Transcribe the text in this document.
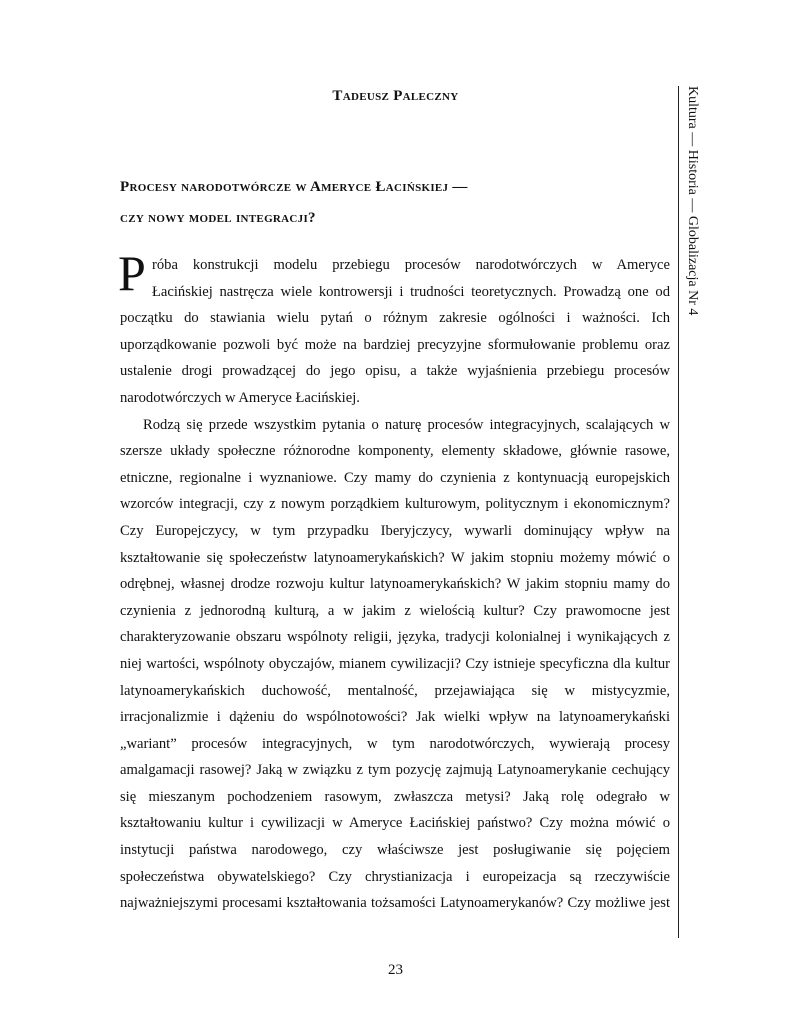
Tadeusz Paleczny
Procesy narodotwórcze w Ameryce Łacińskiej —
czy nowy model integracji?	Kultura — Historia — Globalizacja Nr 4
P róba konstrukcji modelu przebiegu procesów narodotwórczych w Ameryce
Łacińskiej nastręcza wiele kontrowersji i trudności teoretycznych. Prowadzą one od
początku do stawiania wielu pytań o różnym zakresie ogólności i ważności. Ich
uporządkowanie pozwoli być może na bardziej precyzyjne sformułowanie problemu oraz
ustalenie drogi prowadzącej do jego opisu, a także wyjaśnienia przebiegu procesów
narodotwórczych w Ameryce Łacińskiej.
Rodzą się przede wszystkim pytania o naturę procesów integracyjnych, scalających w
szersze układy społeczne różnorodne komponenty, elementy składowe, głównie rasowe,
etniczne, regionalne i wyznaniowe. Czy mamy do czynienia z kontynuacją europejskich
wzorców integracji, czy z nowym porządkiem kulturowym, politycznym i ekonomicznym?
Czy Europejczycy, w tym przypadku Iberyjczycy, wywarli dominujący wpływ na
kształtowanie się społeczeństw latynoamerykańskich? W jakim stopniu możemy mówić o
odrębnej, własnej drodze rozwoju kultur latynoamerykańskich? W jakim stopniu mamy do
czynienia z jednorodną kulturą, a w jakim z wielością kultur? Czy prawomocne jest
charakteryzowanie obszaru wspólnoty religii, języka, tradycji kolonialnej i wynikających z
niej wartości, wspólnoty obyczajów, mianem cywilizacji? Czy istnieje specyficzna dla kultur
latynoamerykańskich duchowość, mentalność, przejawiająca się w mistycyzmie,
irracjonalizmie i dążeniu do wspólnotowości? Jak wielki wpływ na latynoamerykański
„wariant” procesów integracyjnych, w tym narodotwórczych, wywierają procesy
amalgamacji rasowej? Jaką w związku z tym pozycję zajmują Latynoamerykanie cechujący
się mieszanym pochodzeniem rasowym, zwłaszcza metysi? Jaką rolę odegrało w
kształtowaniu kultur i cywilizacji w Ameryce Łacińskiej państwo? Czy można mówić o
instytucji państwa narodowego, czy właściwsze jest posługiwanie się pojęciem
społeczeństwa obywatelskiego? Czy chrystianizacja i europeizacja są rzeczywiście
najważniejszymi procesami kształtowania tożsamości Latynoamerykanów? Czy możliwe jest
23
